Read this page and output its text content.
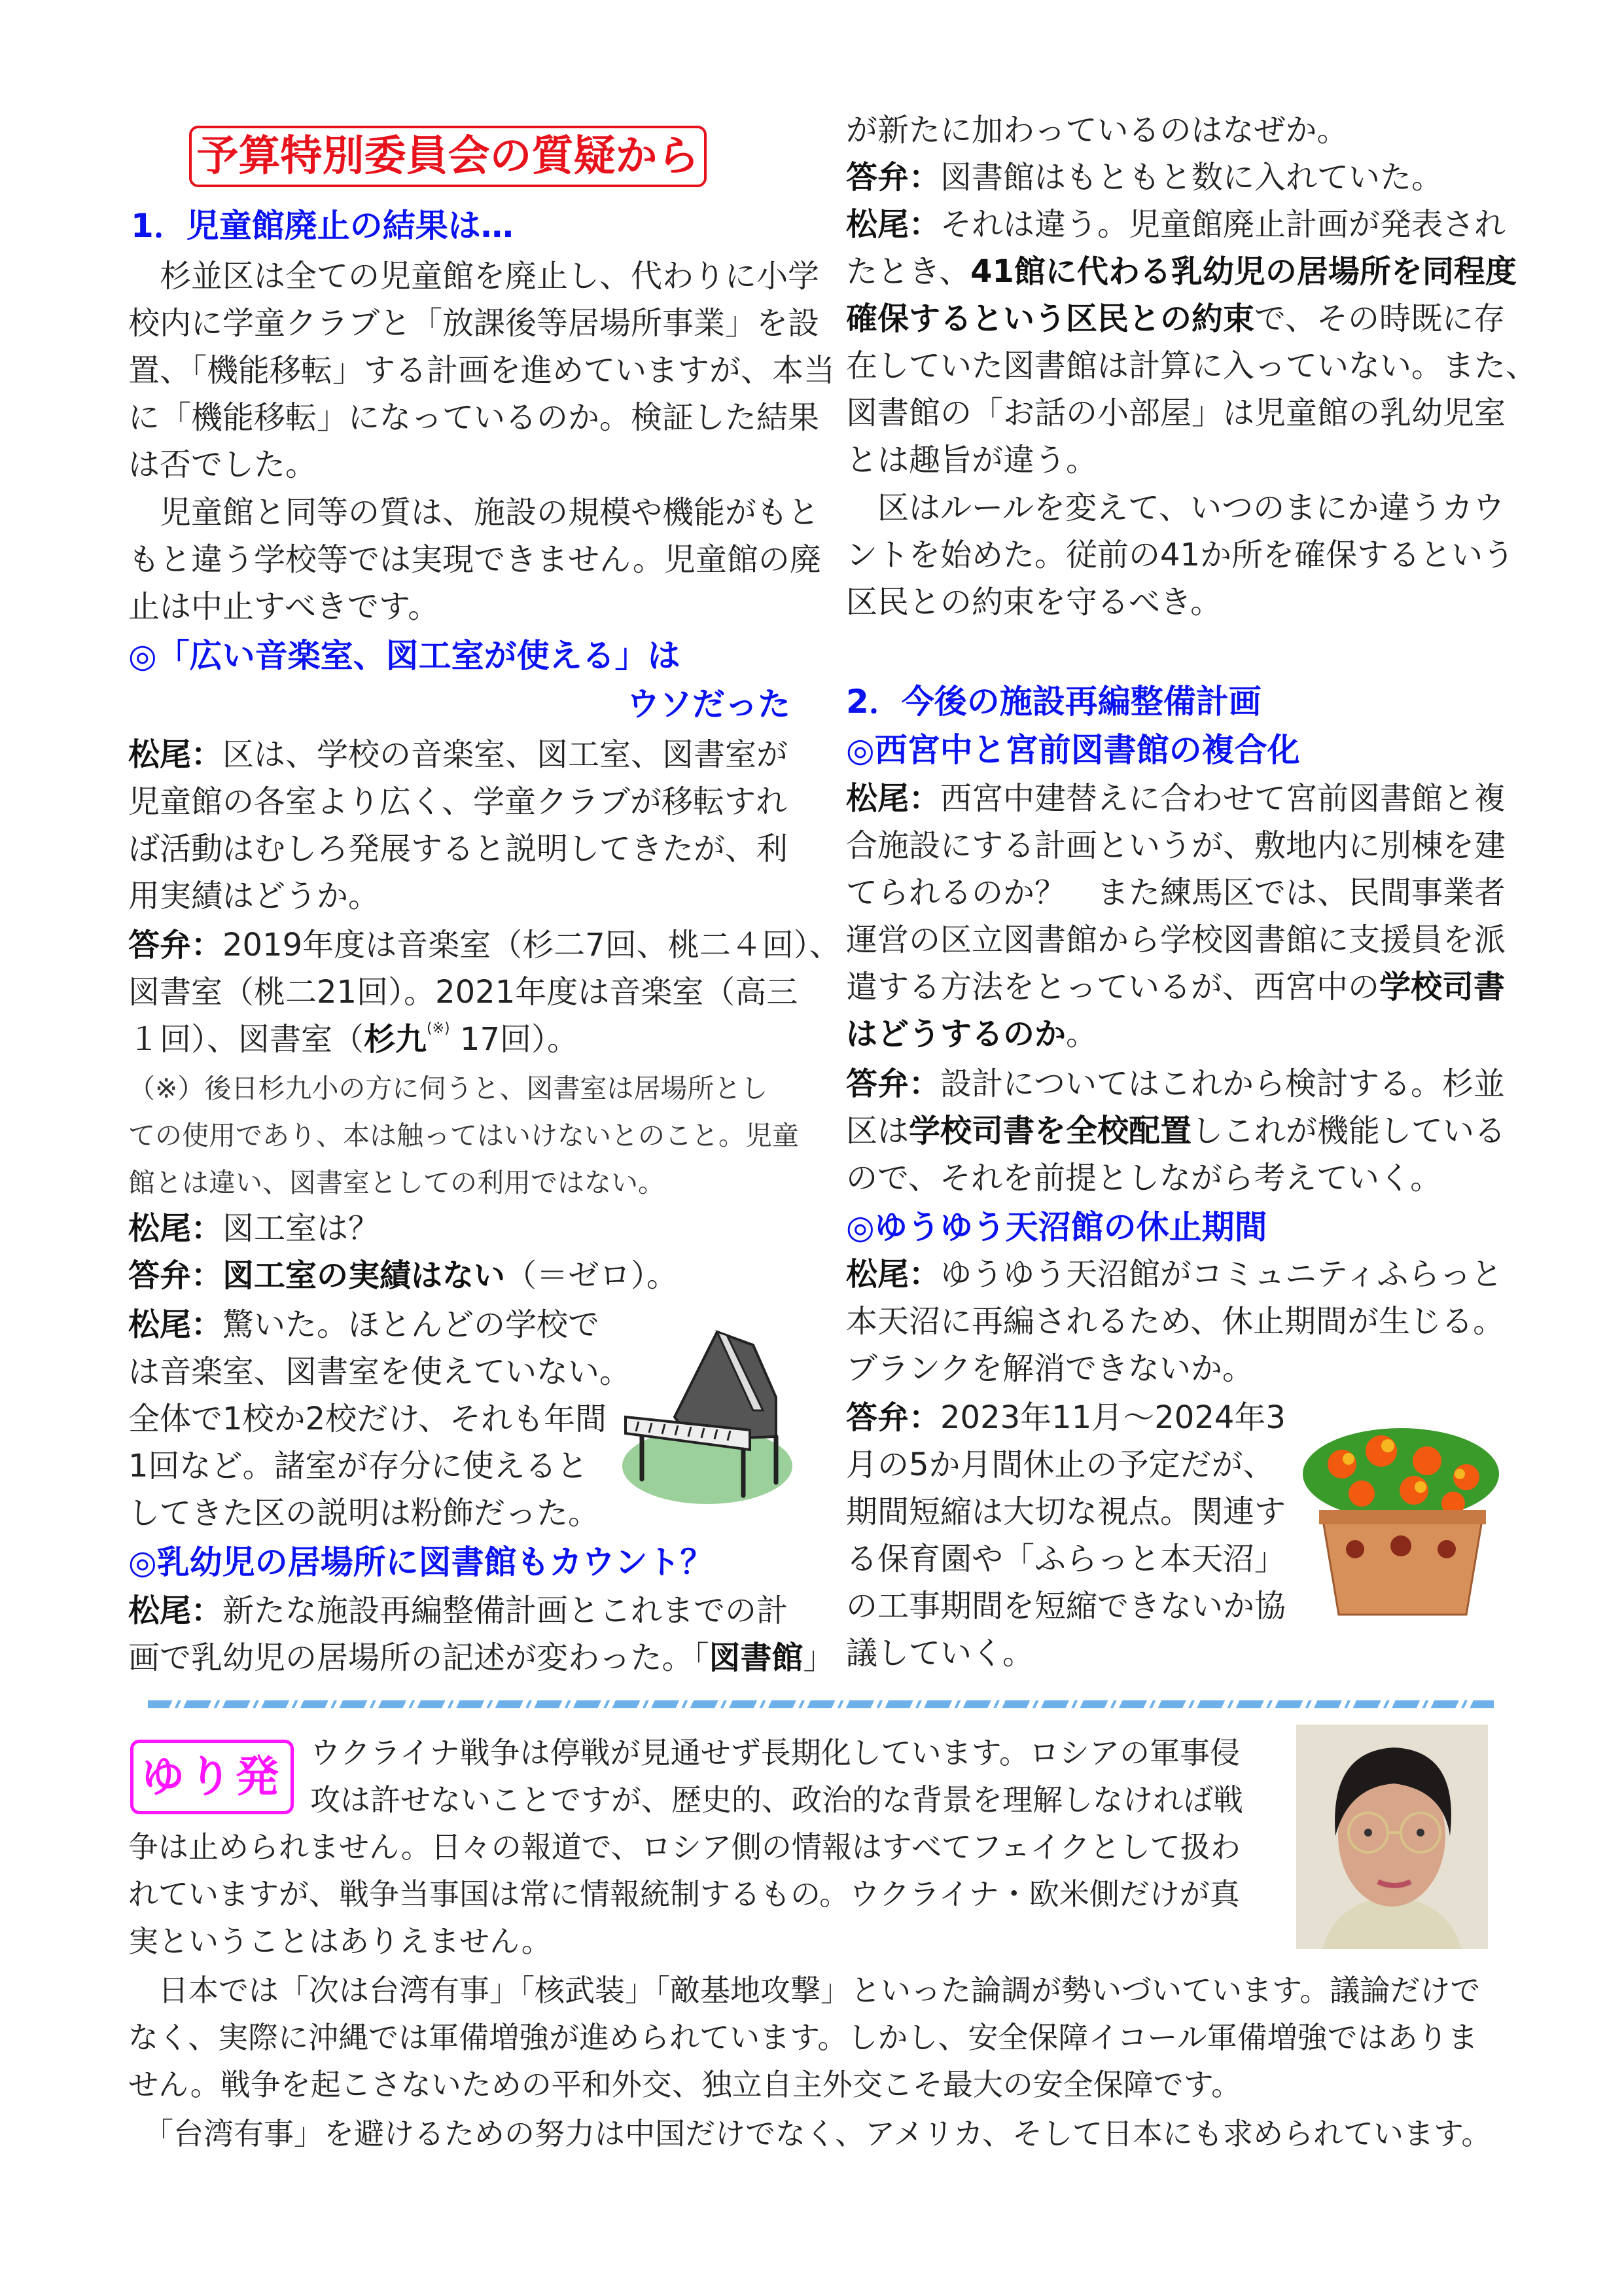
予算特別委員会の質疑から
1．児童館廃止の結果は…
　杉並区は全ての児童館を廃止し、代わりに小学
校内に学童クラブと「放課後等居場所事業」を設
置、「機能移転」する計画を進めていますが、本当
に「機能移転」になっているのか。検証した結果
は否でした。
　児童館と同等の質は、施設の規模や機能がもと
もと違う学校等では実現できません。児童館の廃
止は中止すべきです。
◎「広い音楽室、図工室が使える」は
ウソだった
松尾：区は、学校の音楽室、図工室、図書室が
児童館の各室より広く、学童クラブが移転すれ
ば活動はむしろ発展すると説明してきたが、利
用実績はどうか。
答弁：2019年度は音楽室（杉二7回、桃二４回）、
図書室（桃二21回）。2021年度は音楽室（高三
１回）、図書室（杉九(※) 17回）。
（※）後日杉九小の方に伺うと、図書室は居場所とし
ての使用であり、本は触ってはいけないとのこと。児童
館とは違い、図書室としての利用ではない。
松尾：図工室は？
答弁：図工室の実績はない（＝ゼロ）。
松尾：驚いた。ほとんどの学校で
は音楽室、図書室を使えていない。
全体で1校か2校だけ、それも年間
1回など。諸室が存分に使えると
してきた区の説明は粉飾だった。
◎乳幼児の居場所に図書館もカウント？
松尾：新たな施設再編整備計画とこれまでの計
画で乳幼児の居場所の記述が変わった。「図書館」
が新たに加わっているのはなぜか。
答弁：図書館はもともと数に入れていた。
松尾：それは違う。児童館廃止計画が発表され
たとき、41館に代わる乳幼児の居場所を同程度
確保するという区民との約束で、その時既に存
在していた図書館は計算に入っていない。また、
図書館の「お話の小部屋」は児童館の乳幼児室
とは趣旨が違う。
　区はルールを変えて、いつのまにか違うカウ
ントを始めた。従前の41か所を確保するという
区民との約束を守るべき。
2．今後の施設再編整備計画
◎西宮中と宮前図書館の複合化
松尾：西宮中建替えに合わせて宮前図書館と複
合施設にする計画というが、敷地内に別棟を建
てられるのか？　また練馬区では、民間事業者
運営の区立図書館から学校図書館に支援員を派
遣する方法をとっているが、西宮中の学校司書
はどうするのか。
答弁：設計についてはこれから検討する。杉並
区は学校司書を全校配置しこれが機能している
ので、それを前提としながら考えていく。
◎ゆうゆう天沼館の休止期間
松尾：ゆうゆう天沼館がコミュニティふらっと
本天沼に再編されるため、休止期間が生じる。
ブランクを解消できないか。
答弁：2023年11月～2024年3
月の5か月間休止の予定だが、
期間短縮は大切な視点。関連す
る保育園や「ふらっと本天沼」
の工事期間を短縮できないか協
議していく。
ゆり発 ウクライナ戦争は停戦が見通せず長期化しています。ロシアの軍事侵
攻は許せないことですが、歴史的、政治的な背景を理解しなければ戦
争は止められません。日々の報道で、ロシア側の情報はすべてフェイクとして扱わ
れていますが、戦争当事国は常に情報統制するもの。ウクライナ・欧米側だけが真
実ということはありえません。
　日本では「次は台湾有事」「核武装」「敵基地攻撃」といった論調が勢いづいています。議論だけで
なく、実際に沖縄では軍備増強が進められています。しかし、安全保障イコール軍備増強ではありま
せん。戦争を起こさないための平和外交、独立自主外交こそ最大の安全保障です。
　「台湾有事」を避けるための努力は中国だけでなく、アメリカ、そして日本にも求められています。
